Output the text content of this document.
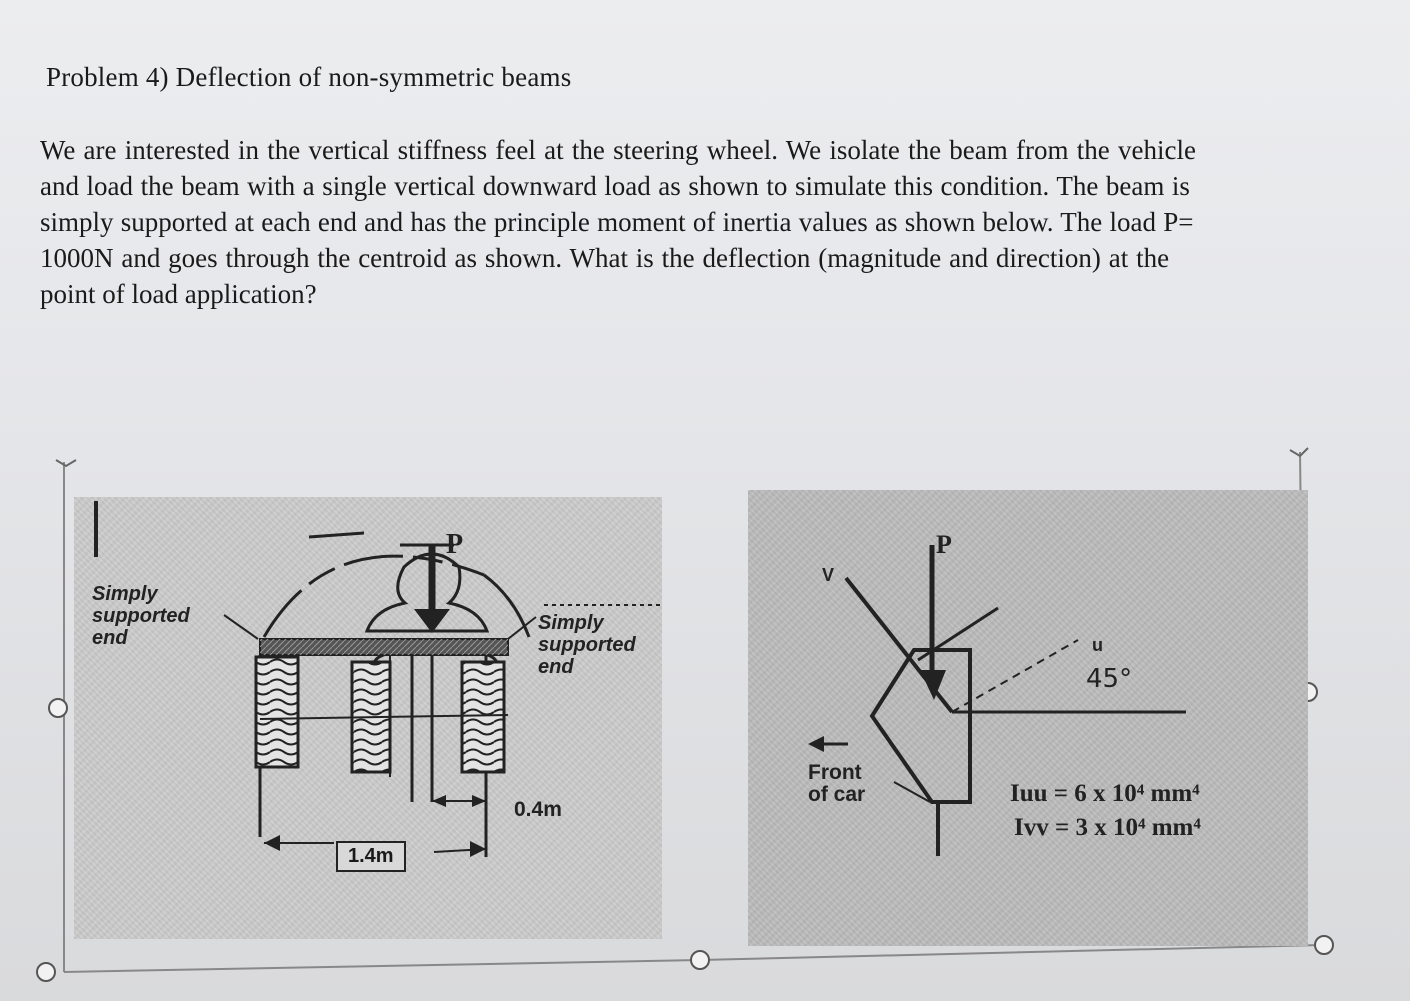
Problem 4) Deflection of non-symmetric beams
We are interested in the vertical stiffness feel at the steering wheel. We isolate the beam from the vehicle
and load the beam with a single vertical downward load as shown to simulate this condition. The beam is
simply supported at each end and has the principle moment of inertia values as shown below. The load P=
1000N and goes through the centroid as shown. What is the deflection (magnitude and direction) at the
point of load application?
P
Simply
supported
end
Simply
supported
end
0.4m
1.4m
V
P
u
45°
Front
of car	Iuu = 6 x 10⁴ mm⁴
Ivv = 3 x 10⁴ mm⁴
